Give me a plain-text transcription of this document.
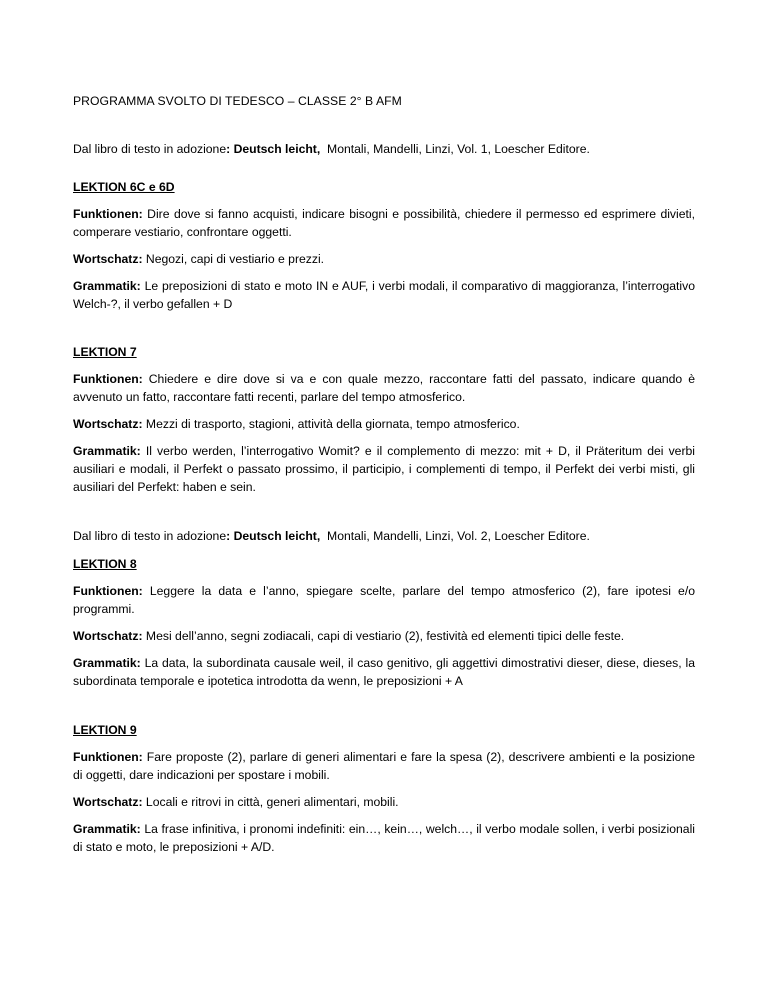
PROGRAMMA SVOLTO DI TEDESCO – CLASSE 2° B AFM
Dal libro di testo in adozione: Deutsch leicht,  Montali, Mandelli, Linzi, Vol. 1, Loescher Editore.
LEKTION 6C e 6D
Funktionen: Dire dove si fanno acquisti, indicare bisogni e possibilità, chiedere il permesso ed esprimere divieti, comperare vestiario, confrontare oggetti.
Wortschatz: Negozi, capi di vestiario e prezzi.
Grammatik: Le preposizioni di stato e moto IN e AUF, i verbi modali, il comparativo di maggioranza, l’interrogativo Welch-?, il verbo gefallen + D
LEKTION 7
Funktionen: Chiedere e dire dove si va e con quale mezzo, raccontare fatti del passato, indicare quando è avvenuto un fatto, raccontare fatti recenti, parlare del tempo atmosferico.
Wortschatz: Mezzi di trasporto, stagioni, attività della giornata, tempo atmosferico.
Grammatik: Il verbo werden, l’interrogativo Womit? e il complemento di mezzo: mit + D, il Präteritum dei verbi ausiliari e modali, il Perfekt o passato prossimo, il participio, i complementi di tempo, il Perfekt dei verbi misti, gli ausiliari del Perfekt: haben e sein.
Dal libro di testo in adozione: Deutsch leicht,  Montali, Mandelli, Linzi, Vol. 2, Loescher Editore.
LEKTION 8
Funktionen: Leggere la data e l’anno, spiegare scelte, parlare del tempo atmosferico (2), fare ipotesi e/o programmi.
Wortschatz: Mesi dell’anno, segni zodiacali, capi di vestiario (2), festività ed elementi tipici delle feste.
Grammatik: La data, la subordinata causale weil, il caso genitivo, gli aggettivi dimostrativi dieser, diese, dieses, la subordinata temporale e ipotetica introdotta da wenn, le preposizioni + A
LEKTION 9
Funktionen: Fare proposte (2), parlare di generi alimentari e fare la spesa (2), descrivere ambienti e la posizione di oggetti, dare indicazioni per spostare i mobili.
Wortschatz: Locali e ritrovi in città, generi alimentari, mobili.
Grammatik: La frase infinitiva, i pronomi indefiniti: ein…, kein…, welch…, il verbo modale sollen, i verbi posizionali di stato e moto, le preposizioni + A/D.
